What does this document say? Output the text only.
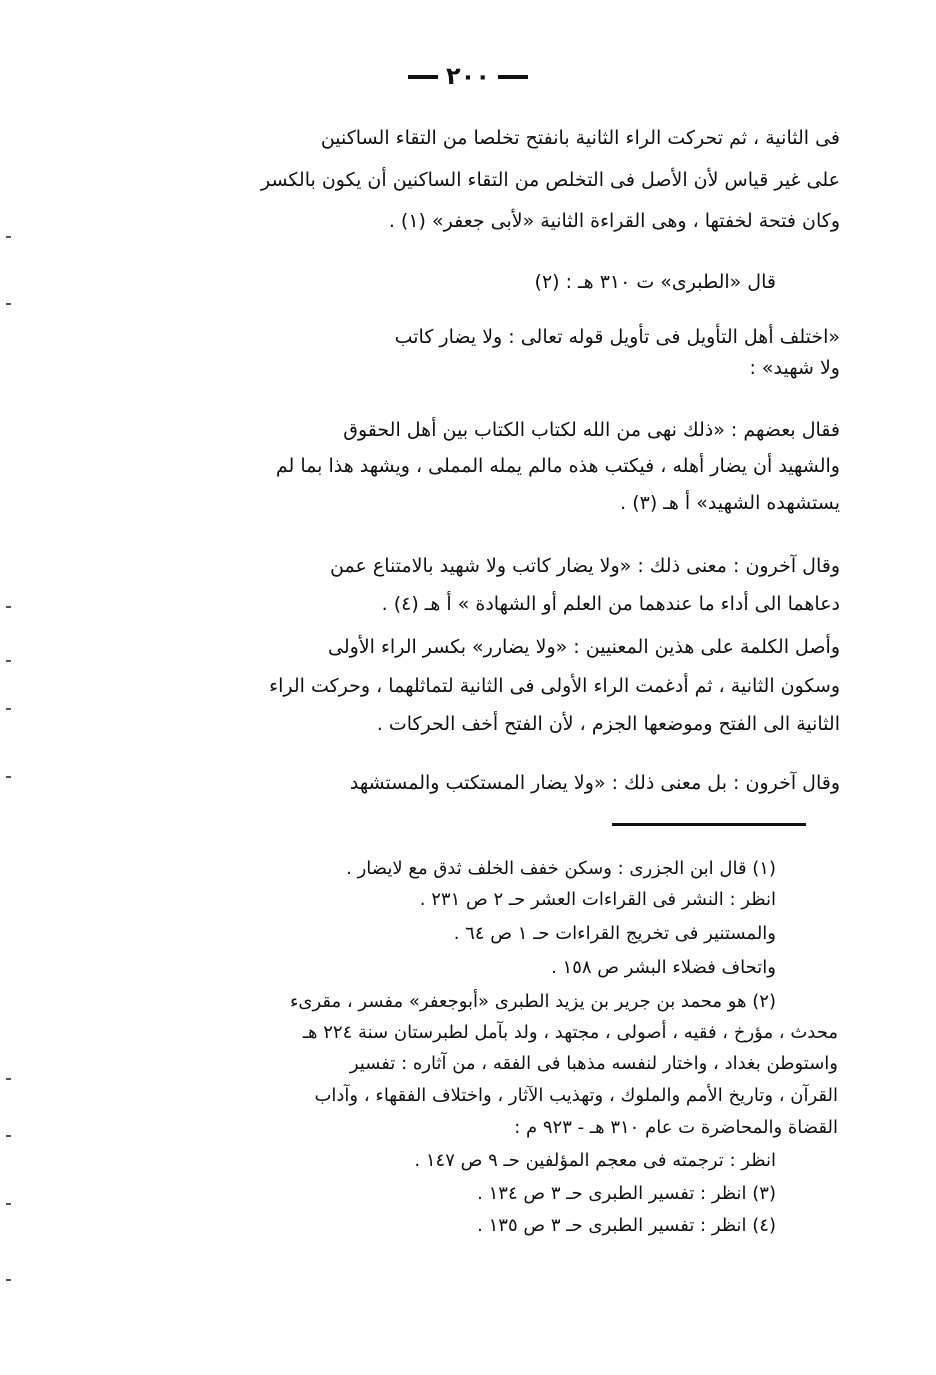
٢٠٠
فى الثانية ، ثم تحركت الراء الثانية بانفتح تخلصا من التقاء الساكنين
على غير قياس لأن الأصل فى التخلص من التقاء الساكنين أن يكون بالكسر
وكان فتحة لخفتها ، وهى القراءة الثانية «لأبى جعفر» (١) .
قال «الطبرى» ت ٣١٠ هـ : (٢)
«اختلف أهل التأويل فى تأويل قوله تعالى : ولا يضار كاتب
ولا شهيد» :
فقال بعضهم : «ذلك نهى من الله لكتاب الكتاب بين أهل الحقوق
والشهيد أن يضار أهله ، فيكتب هذه مالم يمله المملى ، ويشهد هذا بما لم
يستشهده الشهيد» أ هـ (٣) .
وقال آخرون : معنى ذلك : «ولا يضار كاتب ولا شهيد بالامتناع عمن
دعاهما الى أداء ما عندهما من العلم أو الشهادة » أ هـ (٤) .
وأصل الكلمة على هذين المعنيين : «ولا يضارر» بكسر الراء الأولى
وسكون الثانية ، ثم أدغمت الراء الأولى فى الثانية لتماثلهما ، وحركت الراء
الثانية الى الفتح وموضعها الجزم ، لأن الفتح أخف الحركات .
وقال آخرون : بل معنى ذلك : «ولا يضار المستكتب والمستشهد
(١) قال ابن الجزرى : وسكن خفف الخلف ثدق مع لايضار .
انظر : النشر فى القراءات العشر حـ ٢ ص ٢٣١ .
والمستنير فى تخريج القراءات حـ ١ ص ٦٤ .
واتحاف فضلاء البشر ص ١٥٨ .
(٢) هو محمد بن جرير بن يزيد الطبرى «أبوجعفر» مفسر ، مقرىء
محدث ، مؤرخ ، فقيه ، أصولى ، مجتهد ، ولد بآمل لطبرستان سنة ٢٢٤ هـ
واستوطن بغداد ، واختار لنفسه مذهبا فى الفقه ، من آثاره : تفسير
القرآن ، وتاريخ الأمم والملوك ، وتهذيب الآثار ، واختلاف الفقهاء ، وآداب
القضاة والمحاضرة ت عام ٣١٠ هـ - ٩٢٣ م :
انظر : ترجمته فى معجم المؤلفين حـ ٩ ص ١٤٧ .
(٣) انظر : تفسير الطبرى حـ ٣ ص ١٣٤ .
(٤) انظر : تفسير الطبرى حـ ٣ ص ١٣٥ .
